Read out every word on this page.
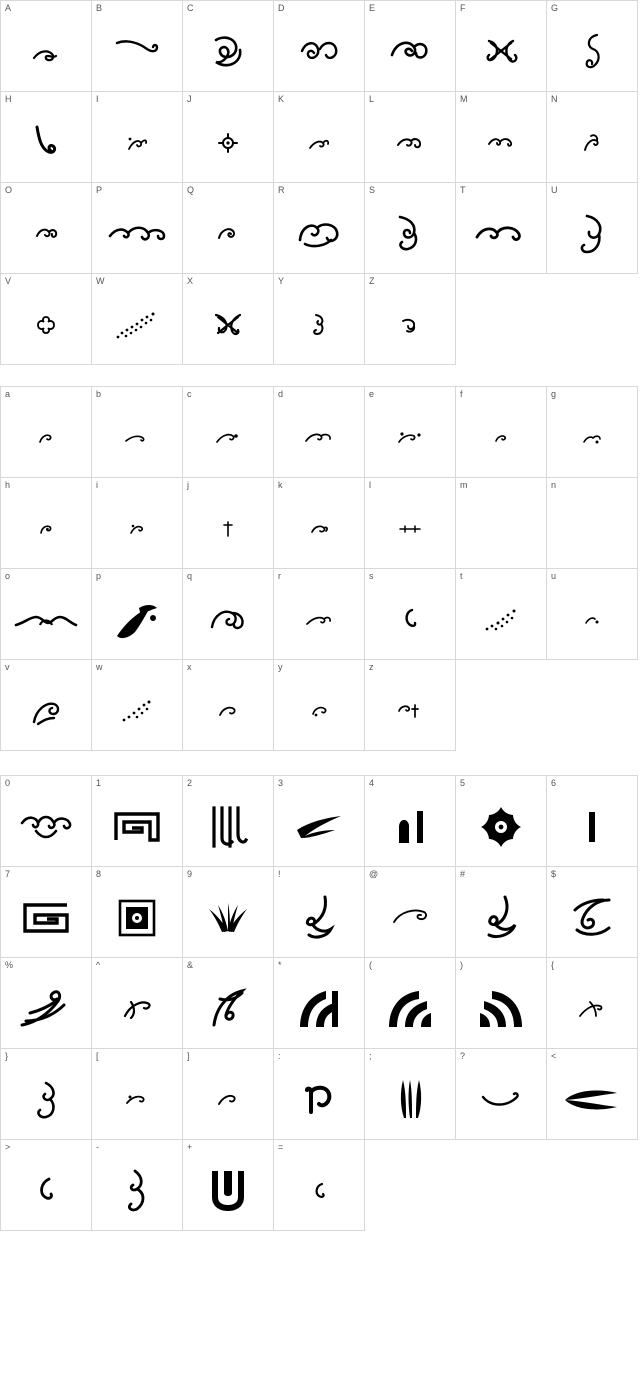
A	B	C	D	E	F	G

H	I	J	K	L	M	N

O	P	Q	R	S	T	U

V	W	X	Y	Z		

a	b	c	d	e	f	g

h	i	j	k	l	m	n

o	p	q	r	s	t	u

v	w	x	y	z		

0	1	2	3	4	5	6

7	8	9	!	@	#	$

%	^	&	*	(	)	{

}	[	]	:	;	?	<

>	-	+	=			
